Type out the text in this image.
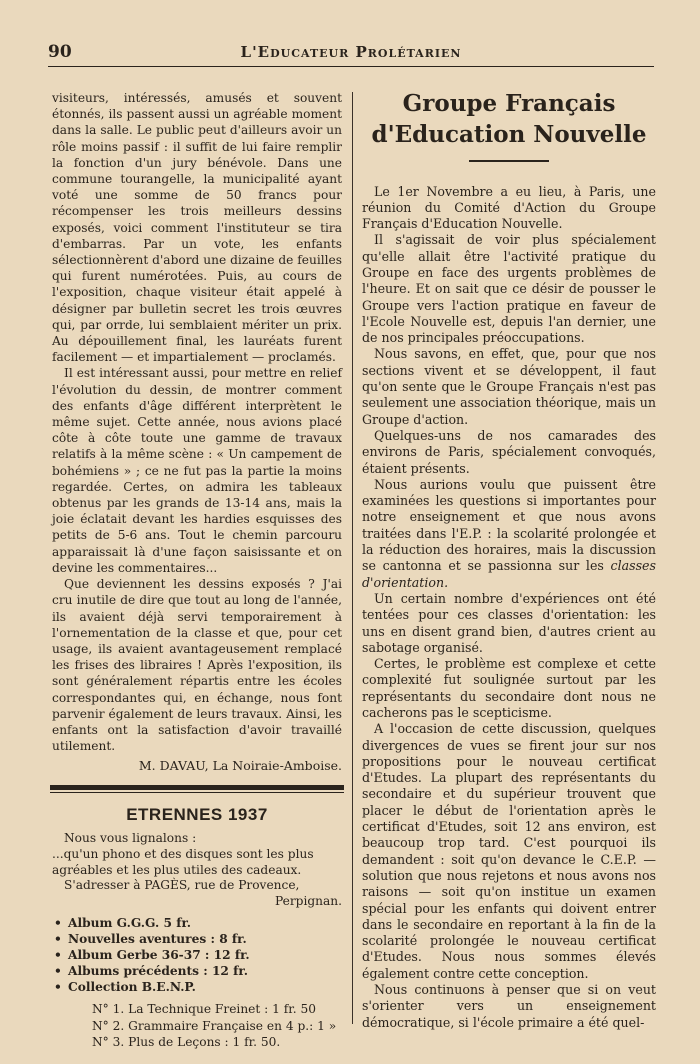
90	L'Educateur Prolétarien

visiteurs, intéressés, amusés et souvent étonnés, ils passent aussi un agréable moment dans la salle. Le public peut d'ailleurs avoir un rôle moins passif : il suffit de lui faire remplir la fonction d'un jury bénévole. Dans une commune tourangelle, la municipalité ayant voté une somme de 50 francs pour récompenser les trois meilleurs dessins exposés, voici comment l'instituteur se tira d'embarras. Par un vote, les enfants sélectionnèrent d'abord une dizaine de feuilles qui furent numérotées. Puis, au cours de l'exposition, chaque visiteur était appelé à désigner par bulletin secret les trois œuvres qui, par orrde, lui semblaient mériter un prix. Au dépouillement final, les lauréats furent facilement — et impartialement — proclamés.

Il est intéressant aussi, pour mettre en relief l'évolution du dessin, de montrer comment des enfants d'âge différent interprètent le même sujet. Cette année, nous avions placé côte à côte toute une gamme de travaux relatifs à la même scène : « Un campement de bohémiens » ; ce ne fut pas la partie la moins regardée. Certes, on admira les tableaux obtenus par les grands de 13-14 ans, mais la joie éclatait devant les hardies esquisses des petits de 5-6 ans. Tout le chemin parcouru apparaissait là d'une façon saisissante et on devine les commentaires...

Que deviennent les dessins exposés ? J'ai cru inutile de dire que tout au long de l'année, ils avaient déjà servi temporairement à l'ornementation de la classe et que, pour cet usage, ils avaient avantageusement remplacé les frises des libraires ! Après l'exposition, ils sont généralement répartis entre les écoles correspondantes qui, en échange, nous font parvenir également de leurs travaux. Ainsi, les enfants ont la satisfaction d'avoir travaillé utilement.

M. DAVAU, La Noiraie-Amboise.
ETRENNES 1937

Nous vous lignalons :

...qu'un phono et des disques sont les plus agréables et les plus utiles des cadeaux.

S'adresser à PAGÈS, rue de Provence,

Perpignan.

• Album G.G.G. 5 fr.
• Nouvelles aventures : 8 fr.
• Album Gerbe 36-37 : 12 fr.
• Albums précédents : 12 fr.
• Collection B.E.N.P.
N° 1. La Technique Freinet : 1 fr. 50
N° 2. Grammaire Française en 4 p.: 1 »
N° 3. Plus de Leçons : 1 fr. 50.
Groupe Français
d'Education Nouvelle

Le 1er Novembre a eu lieu, à Paris, une réunion du Comité d'Action du Groupe Français d'Education Nouvelle.

Il s'agissait de voir plus spécialement qu'elle allait être l'activité pratique du Groupe en face des urgents problèmes de l'heure. Et on sait que ce désir de pousser le Groupe vers l'action pratique en faveur de l'Ecole Nouvelle est, depuis l'an dernier, une de nos principales préoccupations.

Nous savons, en effet, que, pour que nos sections vivent et se développent, il faut qu'on sente que le Groupe Français n'est pas seulement une association théorique, mais un Groupe d'action.

Quelques-uns de nos camarades des environs de Paris, spécialement convoqués, étaient présents.

Nous aurions voulu que puissent être examinées les questions si importantes pour notre enseignement et que nous avons traitées dans l'E.P. : la scolarité prolongée et la réduction des horaires, mais la discussion se cantonna et se passionna sur les classes d'orientation.

Un certain nombre d'expériences ont été tentées pour ces classes d'orientation: les uns en disent grand bien, d'autres crient au sabotage organisé.

Certes, le problème est complexe et cette complexité fut soulignée surtout par les représentants du secondaire dont nous ne cacherons pas le scepticisme.

A l'occasion de cette discussion, quelques divergences de vues se firent jour sur nos propositions pour le nouveau certificat d'Etudes. La plupart des représentants du secondaire et du supérieur trouvent que placer le début de l'orientation après le certificat d'Etudes, soit 12 ans environ, est beaucoup trop tard. C'est pourquoi ils demandent : soit qu'on devance le C.E.P. — solution que nous rejetons et nous avons nos raisons — soit qu'on institue un examen spécial pour les enfants qui doivent entrer dans le secondaire en reportant à la fin de la scolarité prolongée le nouveau certificat d'Etudes. Nous nous sommes élevés également contre cette conception.

Nous continuons à penser que si on veut s'orienter vers un enseignement démocratique, si l'école primaire a été quel-
